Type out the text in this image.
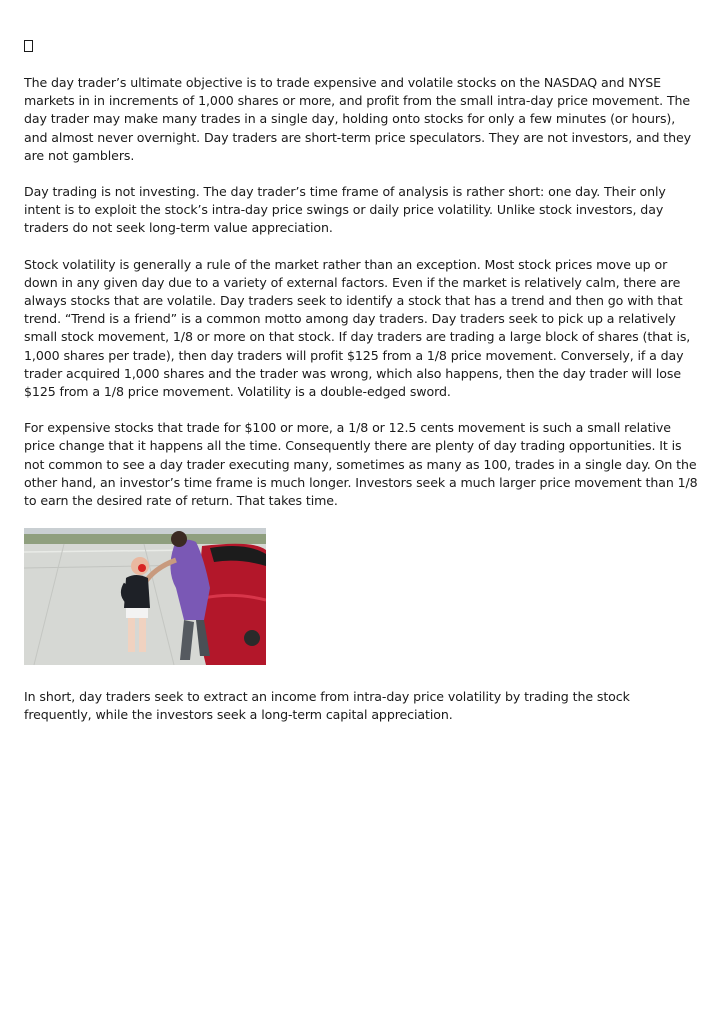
The day trader’s ultimate objective is to trade expensive and volatile stocks on the NASDAQ and NYSE markets in in increments of 1,000 shares or more, and profit from the small intra-day price movement. The day trader may make many trades in a single day, holding onto stocks for only a few minutes (or hours), and almost never overnight. Day traders are short-term price speculators. They are not investors, and they are not gamblers.

Day trading is not investing. The day trader’s time frame of analysis is rather short: one day. Their only intent is to exploit the stock’s intra-day price swings or daily price volatility. Unlike stock investors, day traders do not seek long-term value appreciation.

Stock volatility is generally a rule of the market rather than an exception. Most stock prices move up or down in any given day due to a variety of external factors. Even if the market is relatively calm, there are always stocks that are volatile. Day traders seek to identify a stock that has a trend and then go with that trend. “Trend is a friend” is a common motto among day traders. Day traders seek to pick up a relatively small stock movement, 1/8 or more on that stock. If day traders are trading a large block of shares (that is, 1,000 shares per trade), then day traders will profit $125 from a 1/8 price movement. Conversely, if a day trader acquired 1,000 shares and the trader was wrong, which also happens, then the day trader will lose $125 from a 1/8 price movement. Volatility is a double-edged sword.

For expensive stocks that trade for $100 or more, a 1/8 or 12.5 cents movement is such a small relative price change that it happens all the time. Consequently there are plenty of day trading opportunities. It is not common to see a day trader executing many, sometimes as many as 100, trades in a single day. On the other hand, an investor’s time frame is much longer. Investors seek a much larger price movement than 1/8 to earn the desired rate of return. That takes time.

In short, day traders seek to extract an income from intra-day price volatility by trading the stock frequently, while the investors seek a long-term capital appreciation.
